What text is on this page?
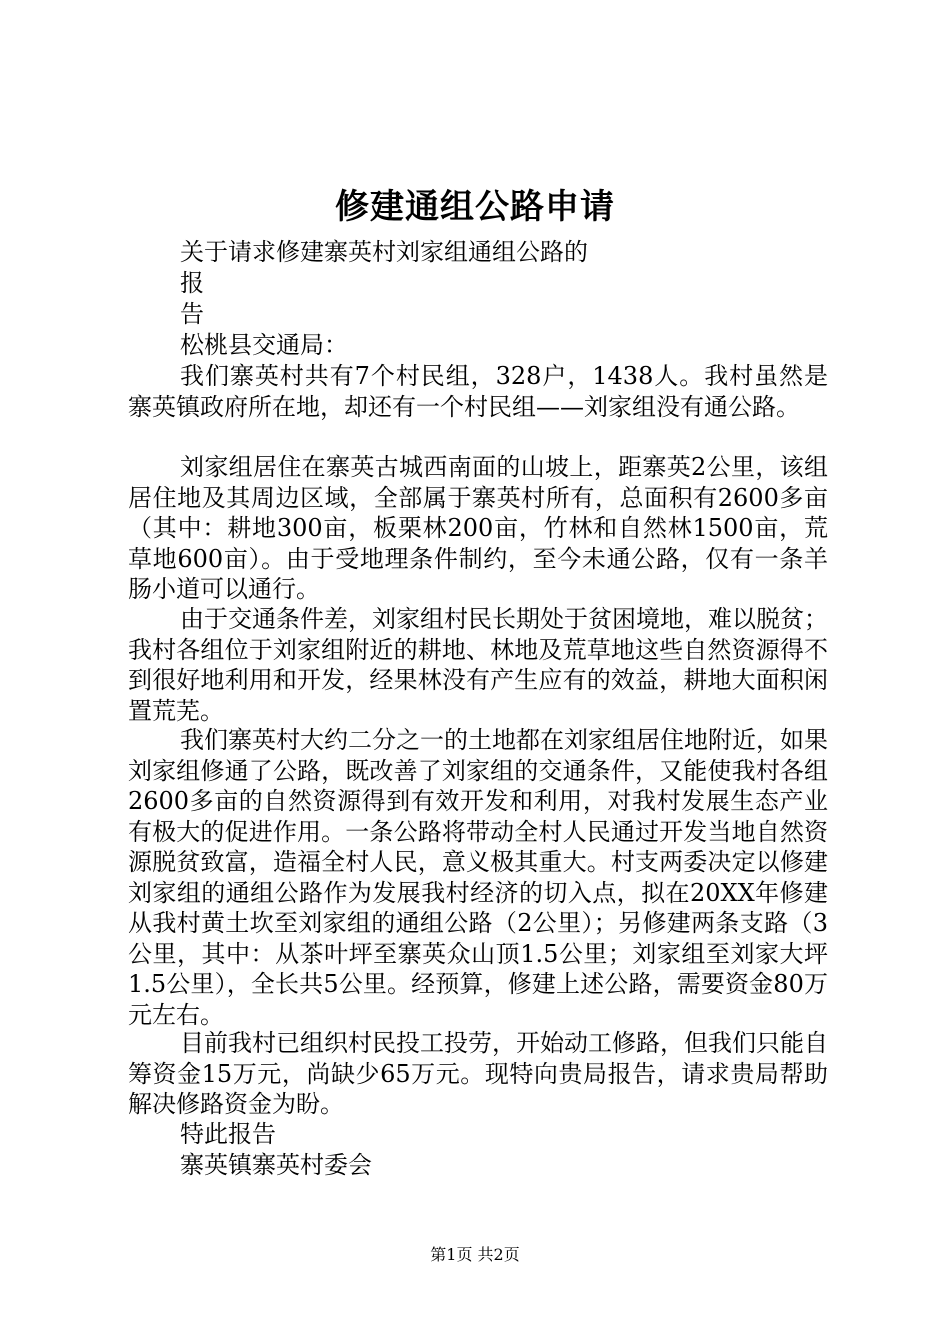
修建通组公路申请
关于请求修建寨英村刘家组通组公路的
报
告
松桃县交通局：
我们寨英村共有7个村民组，328户，1438人。我村虽然是寨英镇政府所在地，却还有一个村民组——刘家组没有通公路。
刘家组居住在寨英古城西南面的山坡上，距寨英2公里，该组居住地及其周边区域，全部属于寨英村所有，总面积有2600多亩（其中：耕地300亩，板栗林200亩，竹林和自然林1500亩，荒草地600亩）。由于受地理条件制约，至今未通公路，仅有一条羊肠小道可以通行。
由于交通条件差，刘家组村民长期处于贫困境地，难以脱贫；我村各组位于刘家组附近的耕地、林地及荒草地这些自然资源得不到很好地利用和开发，经果林没有产生应有的效益，耕地大面积闲置荒芜。
我们寨英村大约二分之一的土地都在刘家组居住地附近，如果刘家组修通了公路，既改善了刘家组的交通条件，又能使我村各组2600多亩的自然资源得到有效开发和利用，对我村发展生态产业有极大的促进作用。一条公路将带动全村人民通过开发当地自然资源脱贫致富，造福全村人民，意义极其重大。村支两委决定以修建刘家组的通组公路作为发展我村经济的切入点，拟在20XX年修建从我村黄土坎至刘家组的通组公路（2公里）；另修建两条支路（3公里，其中：从茶叶坪至寨英众山顶1.5公里；刘家组至刘家大坪1.5公里），全长共5公里。经预算，修建上述公路，需要资金80万元左右。
目前我村已组织村民投工投劳，开始动工修路，但我们只能自筹资金15万元，尚缺少65万元。现特向贵局报告，请求贵局帮助解决修路资金为盼。
特此报告
寨英镇寨英村委会
第1页 共2页
